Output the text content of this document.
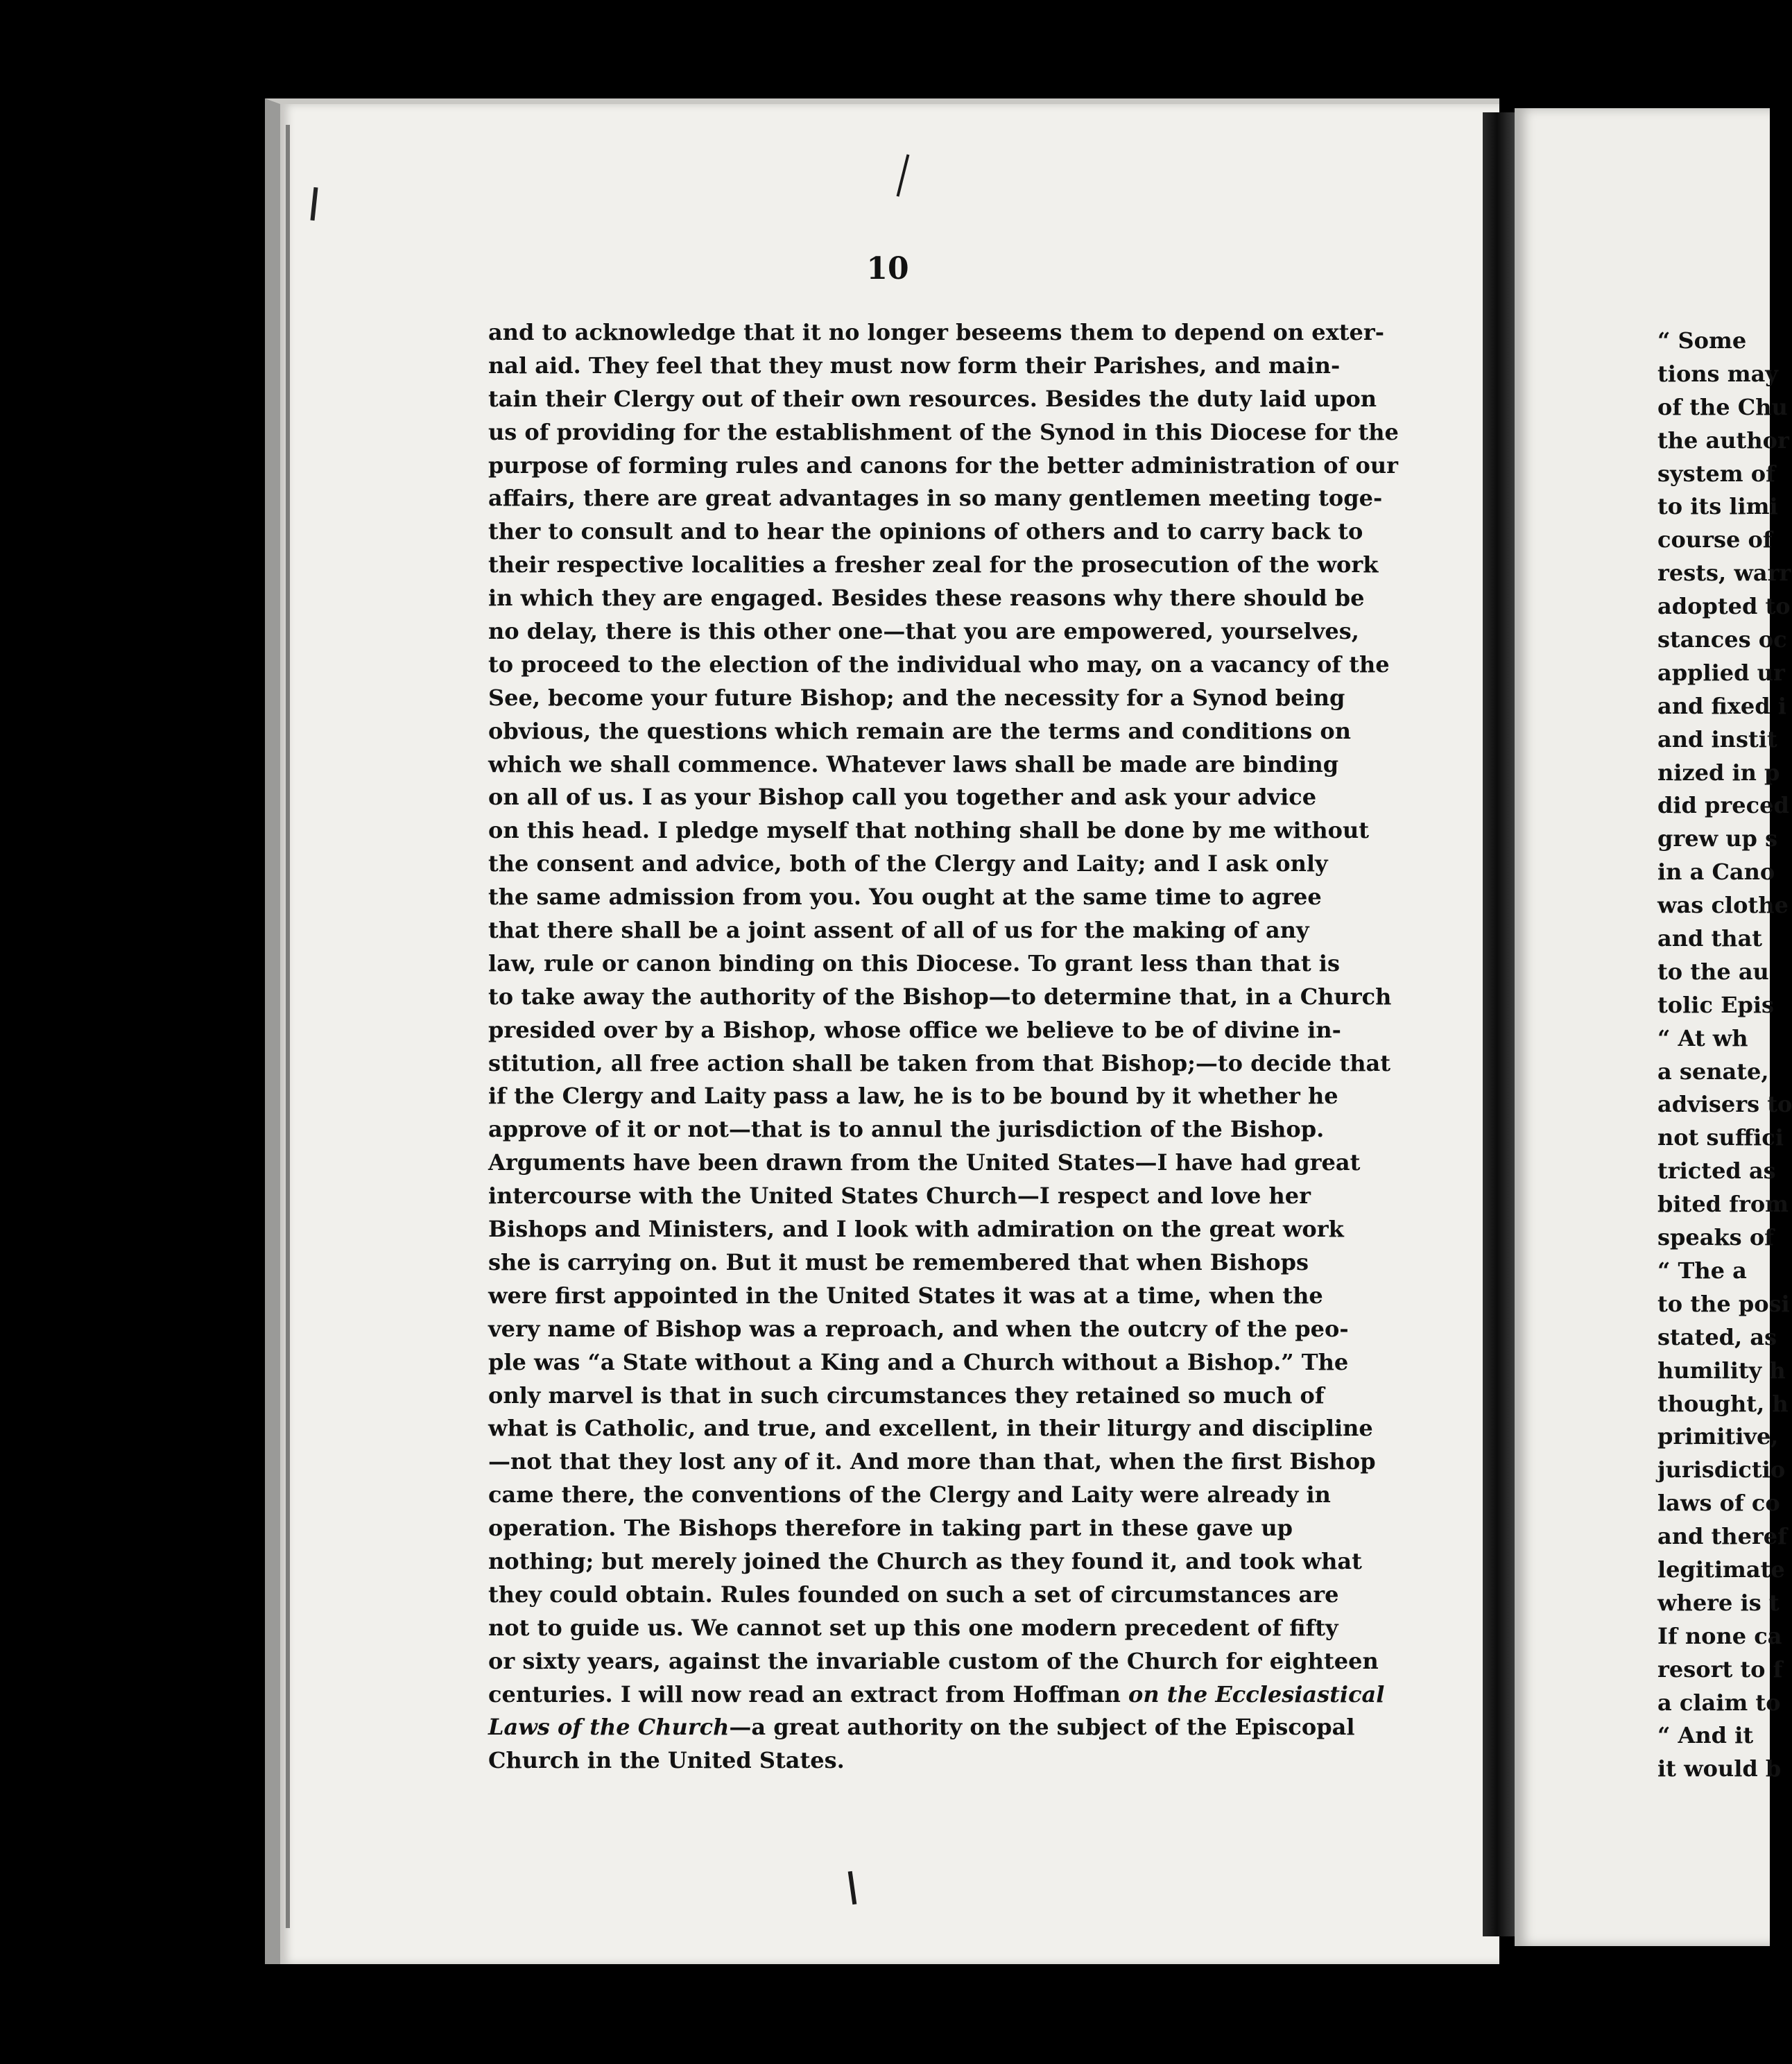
10

and to acknowledge that it no longer beseems them to depend on exter-
nal aid. They feel that they must now form their Parishes, and main-
tain their Clergy out of their own resources. Besides the duty laid upon
us of providing for the establishment of the Synod in this Diocese for the
purpose of forming rules and canons for the better administration of our
affairs, there are great advantages in so many gentlemen meeting toge-
ther to consult and to hear the opinions of others and to carry back to
their respective localities a fresher zeal for the prosecution of the work
in which they are engaged. Besides these reasons why there should be
no delay, there is this other one—that you are empowered, yourselves,
to proceed to the election of the individual who may, on a vacancy of the
See, become your future Bishop; and the necessity for a Synod being
obvious, the questions which remain are the terms and conditions on
which we shall commence. Whatever laws shall be made are binding
on all of us. I as your Bishop call you together and ask your advice
on this head. I pledge myself that nothing shall be done by me without
the consent and advice, both of the Clergy and Laity; and I ask only
the same admission from you. You ought at the same time to agree
that there shall be a joint assent of all of us for the making of any
law, rule or canon binding on this Diocese. To grant less than that is
to take away the authority of the Bishop—to determine that, in a Church
presided over by a Bishop, whose office we believe to be of divine in-
stitution, all free action shall be taken from that Bishop;—to decide that
if the Clergy and Laity pass a law, he is to be bound by it whether he
approve of it or not—that is to annul the jurisdiction of the Bishop.
Arguments have been drawn from the United States—I have had great
intercourse with the United States Church—I respect and love her
Bishops and Ministers, and I look with admiration on the great work
she is carrying on. But it must be remembered that when Bishops
were first appointed in the United States it was at a time, when the
very name of Bishop was a reproach, and when the outcry of the peo-
ple was “a State without a King and a Church without a Bishop.” The
only marvel is that in such circumstances they retained so much of
what is Catholic, and true, and excellent, in their liturgy and discipline
—not that they lost any of it. And more than that, when the first Bishop
came there, the conventions of the Clergy and Laity were already in
operation. The Bishops therefore in taking part in these gave up
nothing; but merely joined the Church as they found it, and took what
they could obtain. Rules founded on such a set of circumstances are
not to guide us. We cannot set up this one modern precedent of fifty
or sixty years, against the invariable custom of the Church for eighteen
centuries. I will now read an extract from Hoffman on the Ecclesiastical
Laws of the Church—a great authority on the subject of the Episcopal
Church in the United States.
“ Some
tions may
of the Chu
the author
system of
to its limi
course of
rests, warr
adopted to
stances oc
applied ur
and fixed i
and instit
nized in p
did preced
grew up s
in a Cano
was clothe
and that
to the au
tolic Epis
“ At wh
a senate,
advisers to
not suffici
tricted as
bited from
speaks of
“ The a
to the posi
stated, as
humility h
thought, h
primitive,
jurisdictio
laws of co
and theref
legitimate
where is t
If none ca
resort to f
a claim to
“ And it
it would b
